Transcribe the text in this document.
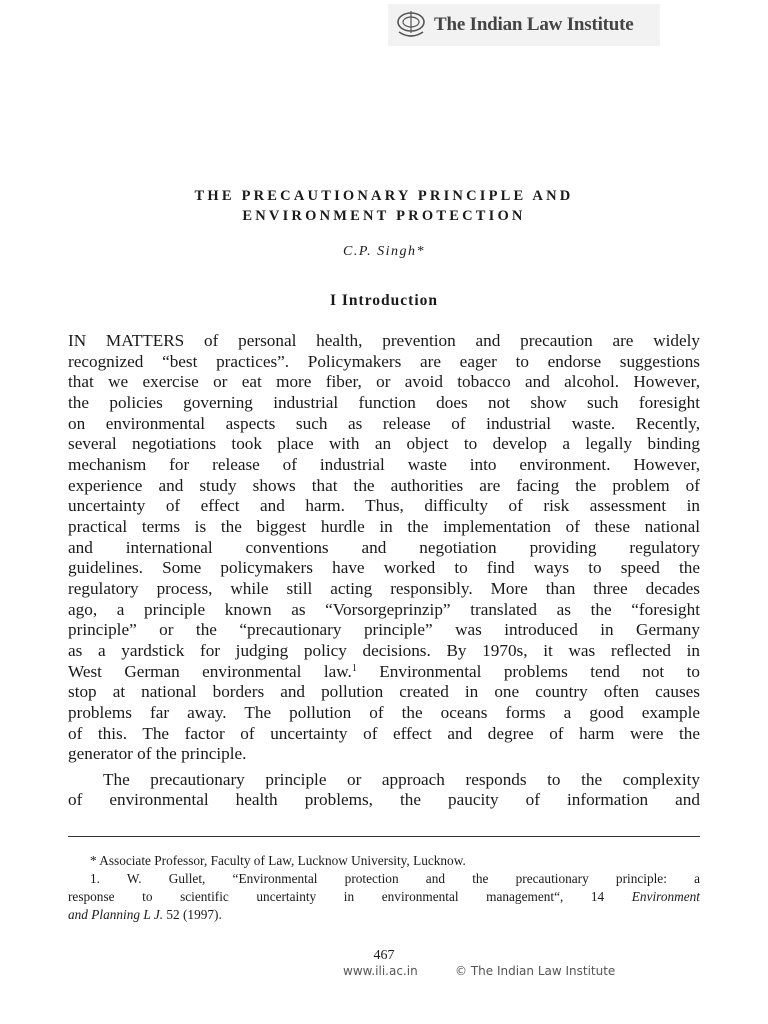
The Indian Law Institute
THE PRECAUTIONARY PRINCIPLE AND
ENVIRONMENT PROTECTION
C.P. Singh*
I Introduction
IN MATTERS of personal health, prevention and precaution are widely
recognized “best practices”. Policymakers are eager to endorse suggestions
that we exercise or eat more fiber, or avoid tobacco and alcohol. However,
the policies governing industrial function does not show such foresight
on environmental aspects such as release of industrial waste. Recently,
several negotiations took place with an object to develop a legally binding
mechanism for release of industrial waste into environment. However,
experience and study shows that the authorities are facing the problem of
uncertainty of effect and harm. Thus, difficulty of risk assessment in
practical terms is the biggest hurdle in the implementation of these national
and international conventions and negotiation providing regulatory
guidelines. Some policymakers have worked to find ways to speed the
regulatory process, while still acting responsibly. More than three decades
ago, a principle known as “Vorsorgeprinzip” translated as the “foresight
principle” or the “precautionary principle” was introduced in Germany
as a yardstick for judging policy decisions. By 1970s, it was reflected in
West German environmental law.$^1$ Environmental problems tend not to
stop at national borders and pollution created in one country often causes
problems far away. The pollution of the oceans forms a good example
of this. The factor of uncertainty of effect and degree of harm were the
generator of the principle.
The precautionary principle or approach responds to the complexity
of environmental health problems, the paucity of information and
* Associate Professor, Faculty of Law, Lucknow University, Lucknow.
1. W. Gullet, “Environmental protection and the precautionary principle: a
response to scientific uncertainty in environmental management“, 14 Environment
and Planning L J. 52 (1997).
467
www.ili.ac.in	© The Indian Law Institute
